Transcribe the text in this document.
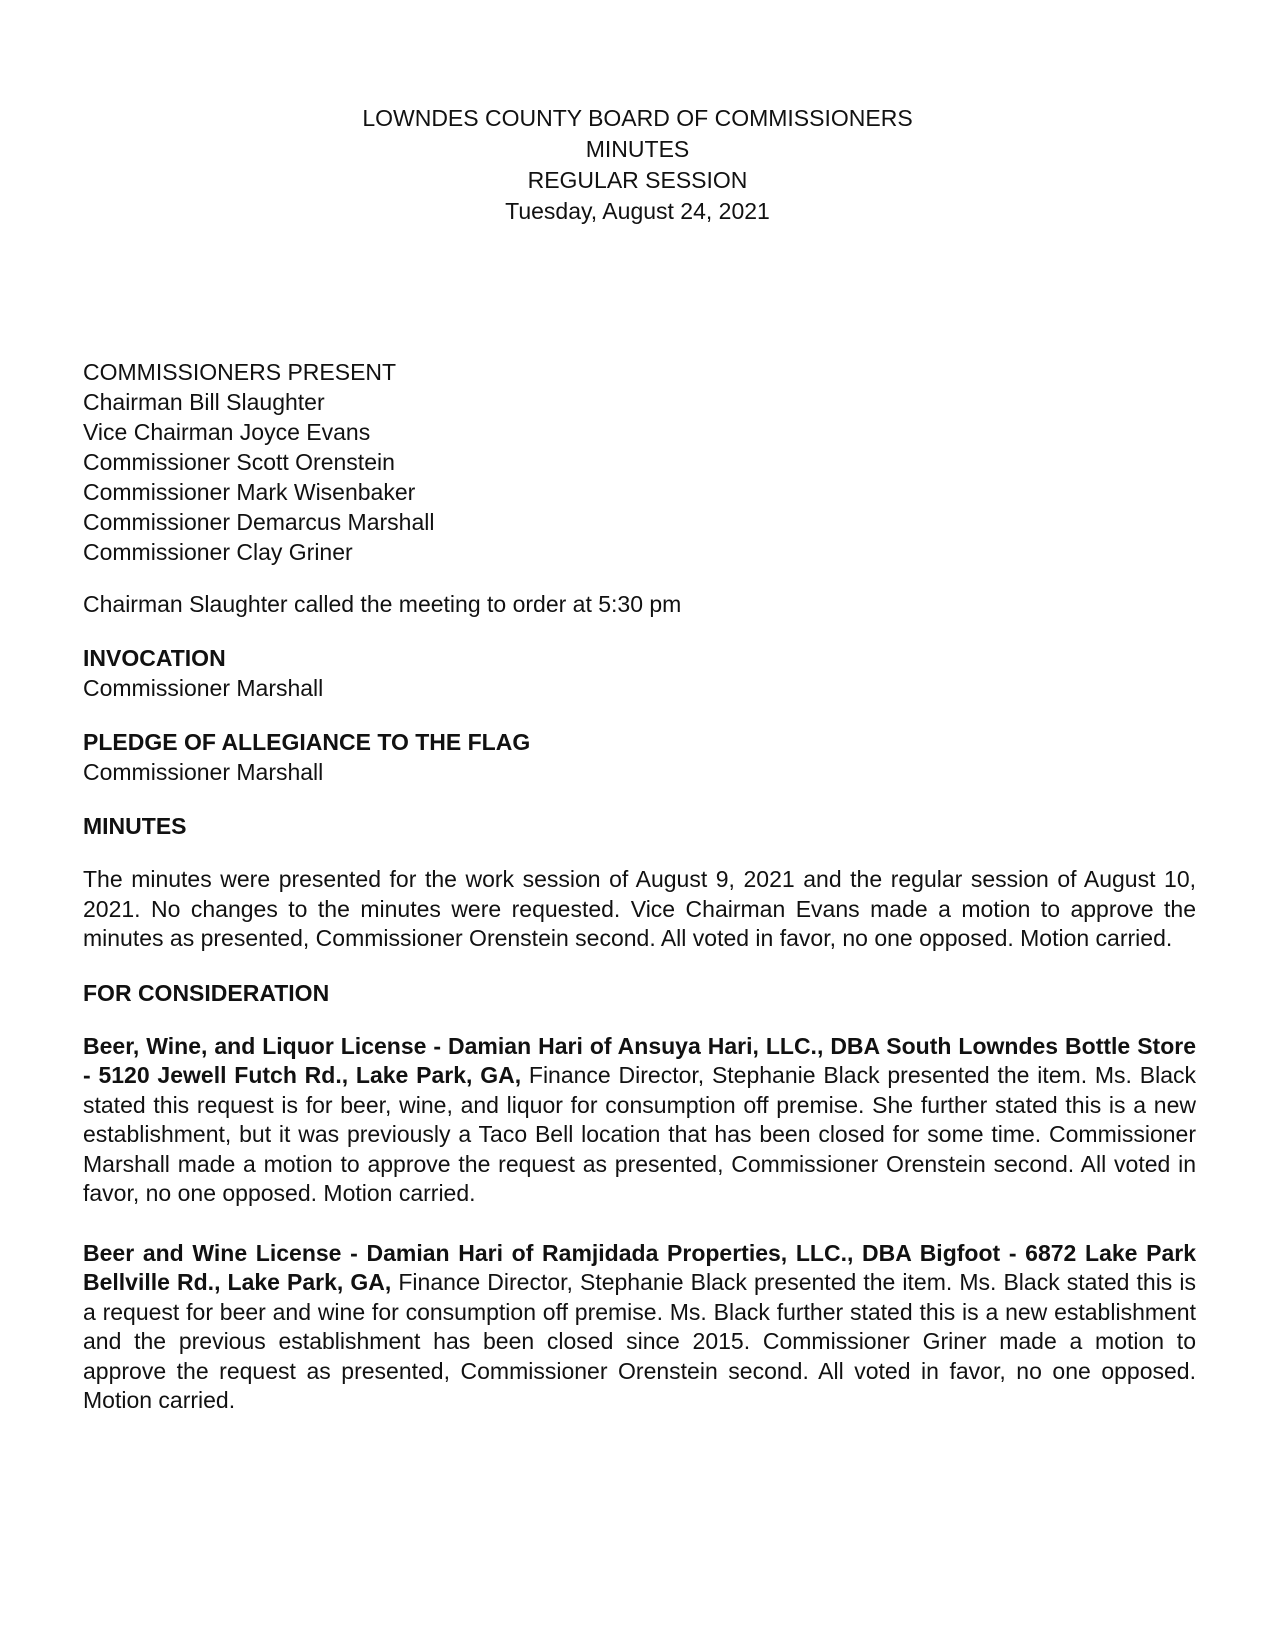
LOWNDES COUNTY BOARD OF COMMISSIONERS
MINUTES
REGULAR SESSION
Tuesday, August 24, 2021
COMMISSIONERS PRESENT
Chairman Bill Slaughter
Vice Chairman Joyce Evans
Commissioner Scott Orenstein
Commissioner Mark Wisenbaker
Commissioner Demarcus Marshall
Commissioner Clay Griner
Chairman Slaughter called the meeting to order at 5:30 pm
INVOCATION
Commissioner Marshall
PLEDGE OF ALLEGIANCE TO THE FLAG
Commissioner Marshall
MINUTES
The minutes were presented for the work session of August 9, 2021 and the regular session of August 10, 2021. No changes to the minutes were requested. Vice Chairman Evans made a motion to approve the minutes as presented, Commissioner Orenstein second. All voted in favor, no one opposed. Motion carried.
FOR CONSIDERATION
Beer, Wine, and Liquor License - Damian Hari of Ansuya Hari, LLC., DBA South Lowndes Bottle Store - 5120 Jewell Futch Rd., Lake Park, GA, Finance Director, Stephanie Black presented the item. Ms. Black stated this request is for beer, wine, and liquor for consumption off premise. She further stated this is a new establishment, but it was previously a Taco Bell location that has been closed for some time. Commissioner Marshall made a motion to approve the request as presented, Commissioner Orenstein second. All voted in favor, no one opposed. Motion carried.
Beer and Wine License - Damian Hari of Ramjidada Properties, LLC., DBA Bigfoot - 6872 Lake Park Bellville Rd., Lake Park, GA, Finance Director, Stephanie Black presented the item. Ms. Black stated this is a request for beer and wine for consumption off premise. Ms. Black further stated this is a new establishment and the previous establishment has been closed since 2015. Commissioner Griner made a motion to approve the request as presented, Commissioner Orenstein second. All voted in favor, no one opposed. Motion carried.
